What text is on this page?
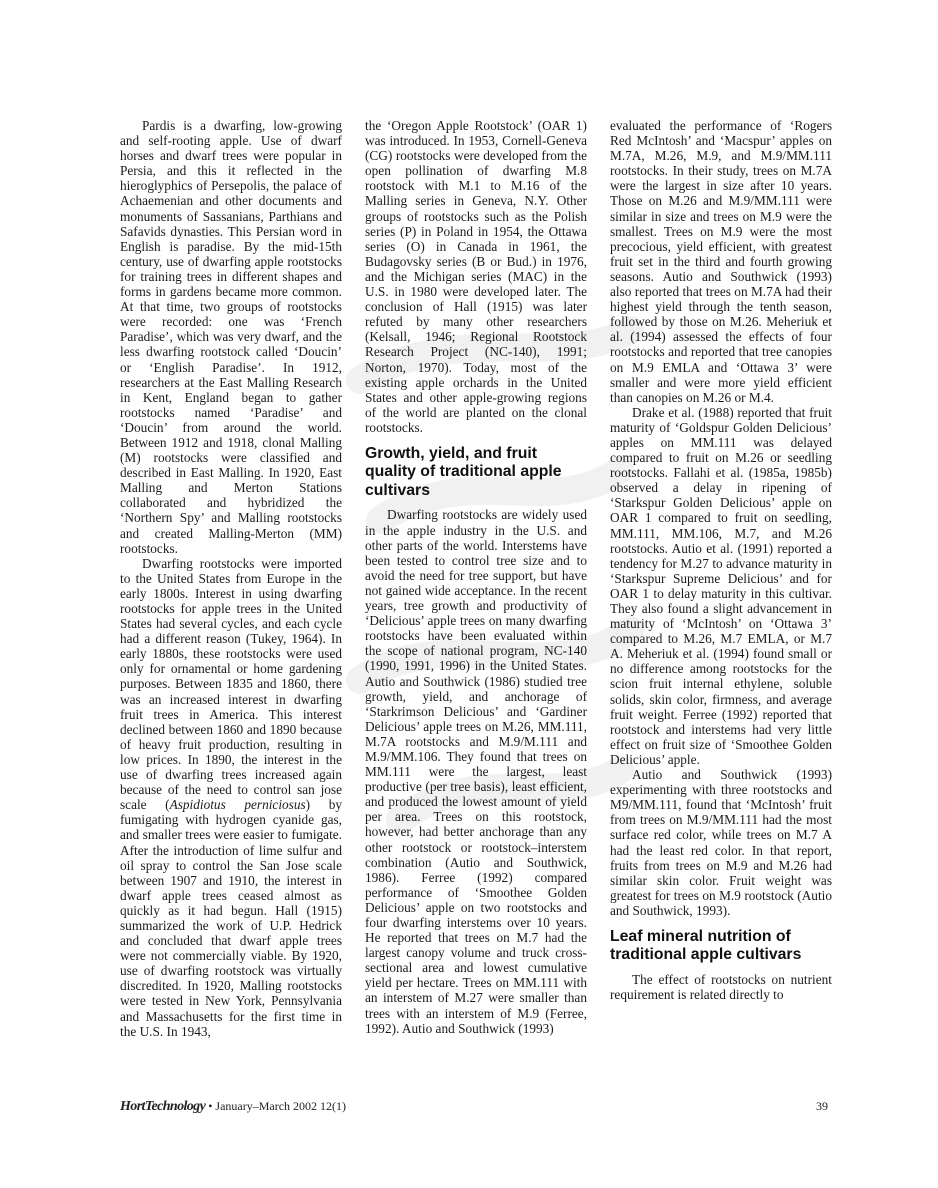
Pardis is a dwarfing, low-growing and self-rooting apple. Use of dwarf horses and dwarf trees were popular in Persia, and this it reflected in the hieroglyphics of Persepolis, the palace of Achaemenian and other documents and monuments of Sassanians, Parthians and Safavids dynasties. This Persian word in English is paradise. By the mid-15th century, use of dwarfing apple rootstocks for training trees in different shapes and forms in gardens became more common. At that time, two groups of rootstocks were recorded: one was ‘French Paradise’, which was very dwarf, and the less dwarfing rootstock called ‘Doucin’ or ‘English Paradise’. In 1912, researchers at the East Malling Research in Kent, England began to gather rootstocks named ‘Paradise’ and ‘Doucin’ from around the world. Between 1912 and 1918, clonal Malling (M) rootstocks were classified and described in East Malling. In 1920, East Malling and Merton Stations collaborated and hybridized the ‘Northern Spy’ and Malling rootstocks and created Malling-Merton (MM) rootstocks.

Dwarfing rootstocks were imported to the United States from Europe in the early 1800s. Interest in using dwarfing rootstocks for apple trees in the United States had several cycles, and each cycle had a different reason (Tukey, 1964). In early 1880s, these rootstocks were used only for ornamental or home gardening purposes. Between 1835 and 1860, there was an increased interest in dwarfing fruit trees in America. This interest declined between 1860 and 1890 because of heavy fruit production, resulting in low prices. In 1890, the interest in the use of dwarfing trees increased again because of the need to control san jose scale (Aspidiotus perniciosus) by fumigating with hydrogen cyanide gas, and smaller trees were easier to fumigate. After the introduction of lime sulfur and oil spray to control the San Jose scale between 1907 and 1910, the interest in dwarf apple trees ceased almost as quickly as it had begun. Hall (1915) summarized the work of U.P. Hedrick and concluded that dwarf apple trees were not commercially viable. By 1920, use of dwarfing rootstock was virtually discredited. In 1920, Malling rootstocks were tested in New York, Pennsylvania and Massachusetts for the first time in the U.S. In 1943,

the ‘Oregon Apple Rootstock’ (OAR 1) was introduced. In 1953, Cornell-Geneva (CG) rootstocks were developed from the open pollination of dwarfing M.8 rootstock with M.1 to M.16 of the Malling series in Geneva, N.Y. Other groups of rootstocks such as the Polish series (P) in Poland in 1954, the Ottawa series (O) in Canada in 1961, the Budagovsky series (B or Bud.) in 1976, and the Michigan series (MAC) in the U.S. in 1980 were developed later. The conclusion of Hall (1915) was later refuted by many other researchers (Kelsall, 1946; Regional Rootstock Research Project (NC-140), 1991; Norton, 1970). Today, most of the existing apple orchards in the United States and other apple-growing regions of the world are planted on the clonal rootstocks.

Growth, yield, and fruit quality of traditional apple cultivars

Dwarfing rootstocks are widely used in the apple industry in the U.S. and other parts of the world. Interstems have been tested to control tree size and to avoid the need for tree support, but have not gained wide acceptance. In the recent years, tree growth and productivity of ‘Delicious’ apple trees on many dwarfing rootstocks have been evaluated within the scope of national program, NC-140 (1990, 1991, 1996) in the United States. Autio and Southwick (1986) studied tree growth, yield, and anchorage of ‘Starkrimson Delicious’ and ‘Gardiner Delicious’ apple trees on M.26, MM.111, M.7A rootstocks and M.9/M.111 and M.9/MM.106. They found that trees on MM.111 were the largest, least productive (per tree basis), least efficient, and produced the lowest amount of yield per area. Trees on this rootstock, however, had better anchorage than any other rootstock or rootstock–interstem combination (Autio and Southwick, 1986). Ferree (1992) compared performance of ‘Smoothee Golden Delicious’ apple on two rootstocks and four dwarfing interstems over 10 years. He reported that trees on M.7 had the largest canopy volume and truck cross-sectional area and lowest cumulative yield per hectare. Trees on MM.111 with an interstem of M.27 were smaller than trees with an interstem of M.9 (Ferree, 1992). Autio and Southwick (1993)

evaluated the performance of ‘Rogers Red McIntosh’ and ‘Macspur’ apples on M.7A, M.26, M.9, and M.9/MM.111 rootstocks. In their study, trees on M.7A were the largest in size after 10 years. Those on M.26 and M.9/MM.111 were similar in size and trees on M.9 were the smallest. Trees on M.9 were the most precocious, yield efficient, with greatest fruit set in the third and fourth growing seasons. Autio and Southwick (1993) also reported that trees on M.7A had their highest yield through the tenth season, followed by those on M.26. Meheriuk et al. (1994) assessed the effects of four rootstocks and reported that tree canopies on M.9 EMLA and ‘Ottawa 3’ were smaller and were more yield efficient than canopies on M.26 or M.4.

Drake et al. (1988) reported that fruit maturity of ‘Goldspur Golden Delicious’ apples on MM.111 was delayed compared to fruit on M.26 or seedling rootstocks. Fallahi et al. (1985a, 1985b) observed a delay in ripening of ‘Starkspur Golden Delicious’ apple on OAR 1 compared to fruit on seedling, MM.111, MM.106, M.7, and M.26 rootstocks. Autio et al. (1991) reported a tendency for M.27 to advance maturity in ‘Starkspur Supreme Delicious’ and for OAR 1 to delay maturity in this cultivar. They also found a slight advancement in maturity of ‘McIntosh’ on ‘Ottawa 3’ compared to M.26, M.7 EMLA, or M.7 A. Meheriuk et al. (1994) found small or no difference among rootstocks for the scion fruit internal ethylene, soluble solids, skin color, firmness, and average fruit weight. Ferree (1992) reported that rootstock and interstems had very little effect on fruit size of ‘Smoothee Golden Delicious’ apple.

Autio and Southwick (1993) experimenting with three rootstocks and M9/MM.111, found that ‘McIntosh’ fruit from trees on M.9/MM.111 had the most surface red color, while trees on M.7 A had the least red color. In that report, fruits from trees on M.9 and M.26 had similar skin color. Fruit weight was greatest for trees on M.9 rootstock (Autio and Southwick, 1993).

Leaf mineral nutrition of traditional apple cultivars

The effect of rootstocks on nutrient requirement is related directly to

HortTechnology • January–March 2002 12(1)	39
